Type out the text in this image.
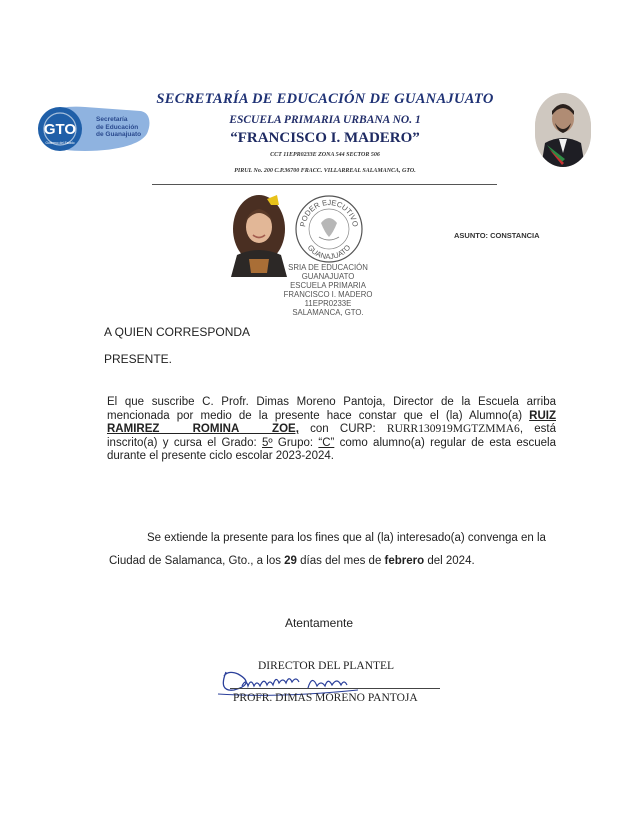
GTO
Gobierno del Estado
Secretaría
de Educación
de Guanajuato
SECRETARÍA DE EDUCACIÓN DE GUANAJUATO
ESCUELA PRIMARIA URBANA NO. 1
“FRANCISCO I. MADERO”
CCT 11EPR0233E ZONA 544 SECTOR 506
PIRUL No. 200 C.P.36700 FRACC. VILLARREAL SALAMANCA, GTO.
PODER EJECUTIVO
GUANAJUATO
SRIA DE EDUCACIÓN
GUANAJUATO
ESCUELA PRIMARIA
FRANCISCO I. MADERO
11EPR0233E
SALAMANCA, GTO.
ASUNTO: CONSTANCIA
A QUIEN CORRESPONDA
PRESENTE.
El que suscribe C. Profr. Dimas Moreno Pantoja, Director de la Escuela arriba mencionada por medio de la presente hace constar que el (la) Alumno(a) RUIZ RAMIREZ ROMINA ZOE, con CURP: RURR130919MGTZMMA6, está inscrito(a) y cursa el Grado: 5º Grupo: “C” como alumno(a) regular de esta escuela durante el presente ciclo escolar 2023-2024.
Se extiende la presente para los fines que al (la) interesado(a) convenga en la Ciudad de Salamanca, Gto., a los 29 días del mes de febrero del 2024.
Atentamente
DIRECTOR DEL PLANTEL
PROFR. DIMAS MORENO PANTOJA
